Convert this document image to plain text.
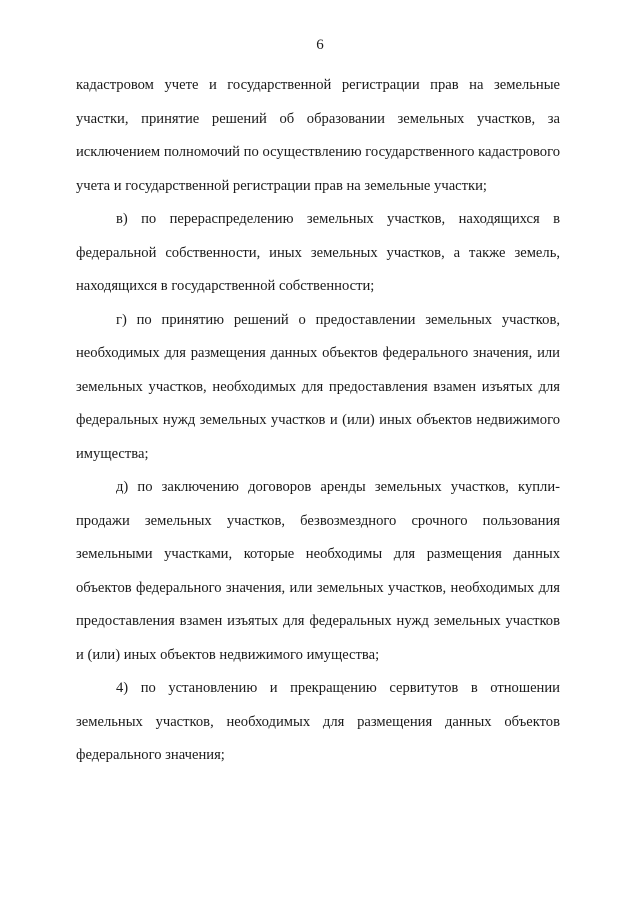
6

кадастровом учете и государственной регистрации прав на земельные участки, принятие решений об образовании земельных участков, за исключением полномочий по осуществлению государственного кадастрового учета и государственной регистрации прав на земельные участки;

в) по перераспределению земельных участков, находящихся в федеральной собственности, иных земельных участков, а также земель, находящихся в государственной собственности;

г) по принятию решений о предоставлении земельных участков, необходимых для размещения данных объектов федерального значения, или земельных участков, необходимых для предоставления взамен изъятых для федеральных нужд земельных участков и (или) иных объектов недвижимого имущества;

д) по заключению договоров аренды земельных участков, купли-продажи земельных участков, безвозмездного срочного пользования земельными участками, которые необходимы для размещения данных объектов федерального значения, или земельных участков, необходимых для предоставления взамен изъятых для федеральных нужд земельных участков и (или) иных объектов недвижимого имущества;

4) по установлению и прекращению сервитутов в отношении земельных участков, необходимых для размещения данных объектов федерального значения;
